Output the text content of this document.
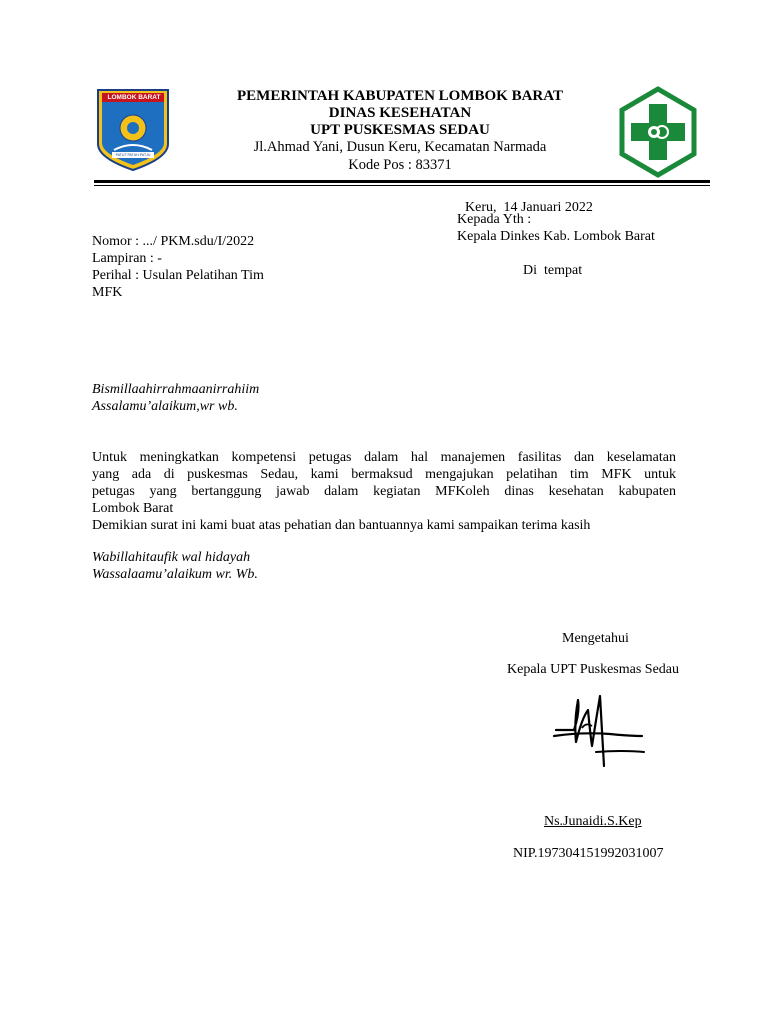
LOMBOK BARAT
PATUT PATUH PATJU
PEMERINTAH KABUPATEN LOMBOK BARAT
DINAS KESEHATAN
UPT PUSKESMAS SEDAU
Jl.Ahmad Yani, Dusun Keru, Kecamatan Narmada
Kode Pos : 83371
Keru,  14 Januari 2022
Kepada Yth :
Kepala Dinkes Kab. Lombok Barat
Di  tempat
Nomor : .../ PKM.sdu/I/2022
Lampiran : -
Perihal : Usulan Pelatihan Tim
MFK
Bismillaahirrahmaanirrahiim
Assalamu’alaikum,wr wb.
Untuk meningkatkan kompetensi petugas dalam hal manajemen fasilitas dan keselamatan
yang ada di puskesmas Sedau, kami bermaksud mengajukan pelatihan tim MFK untuk
petugas yang bertanggung jawab dalam kegiatan MFKoleh dinas kesehatan kabupaten
Lombok Barat
Demikian surat ini kami buat atas pehatian dan bantuannya kami sampaikan terima kasih
Wabillahitaufik wal hidayah
Wassalaamu’alaikum wr. Wb.
Mengetahui
Kepala UPT Puskesmas Sedau
Ns.Junaidi.S.Kep
NIP.197304151992031007
